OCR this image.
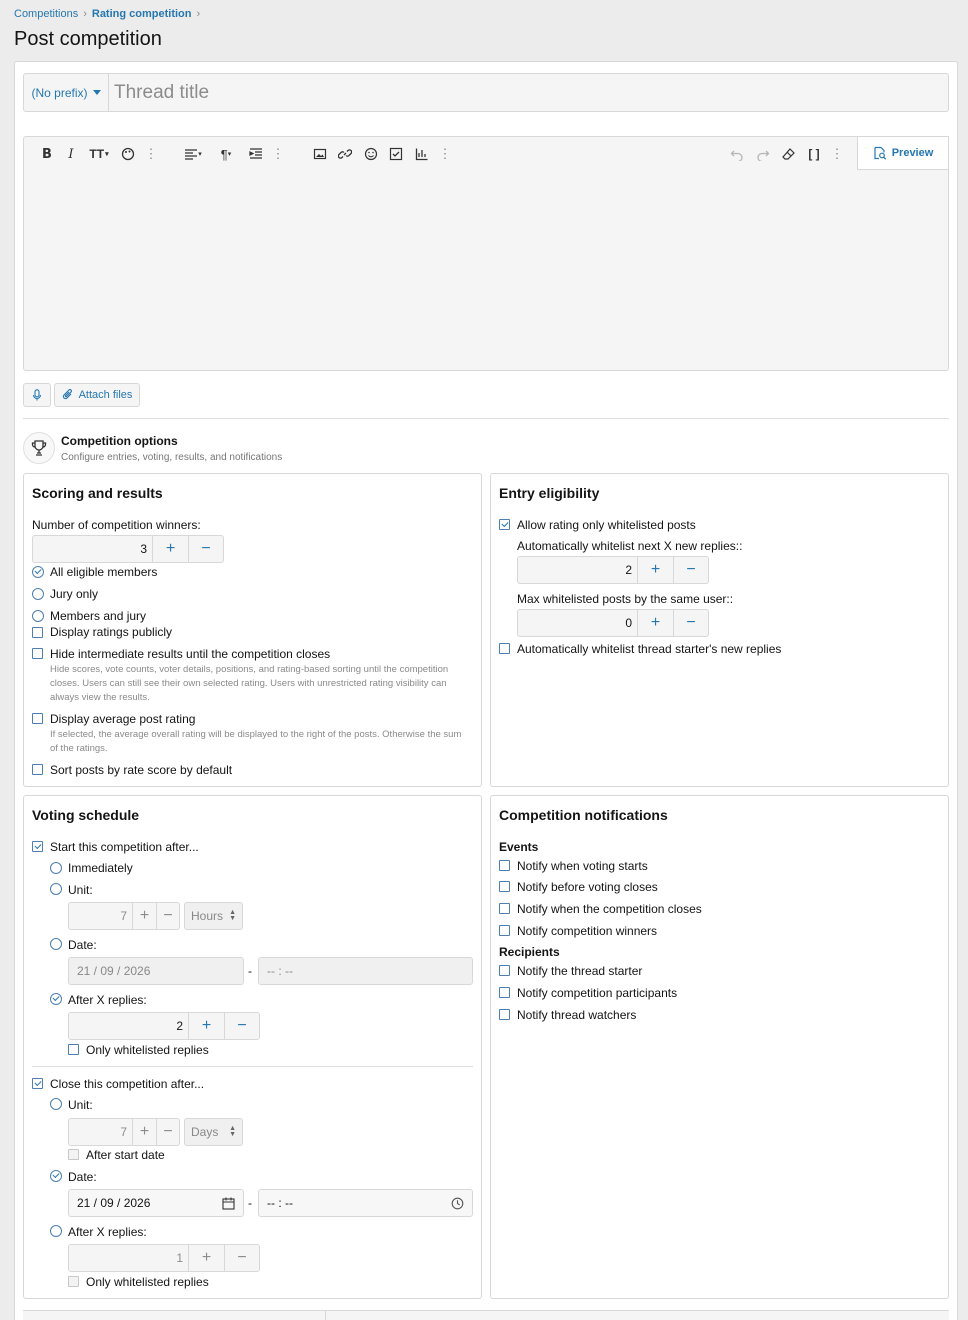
Competitions › Rating competition ›
Post competition
(No prefix)
Thread title
B	I	TT ▾	⋮	▾	¶ ▾	⋮	⋮	[ ] ⋮	Preview
Attach files
Competition options
Configure entries, voting, results, and notifications
Scoring and results
Number of competition winners:
3	+	−
All eligible members
Jury only
Members and jury
Display ratings publicly
Hide intermediate results until the competition closes
Hide scores, vote counts, voter details, positions, and rating-based sorting until the competition closes. Users can still see their own selected rating. Users with unrestricted rating visibility can always view the results.
Display average post rating
If selected, the average overall rating will be displayed to the right of the posts. Otherwise the sum of the ratings.
Sort posts by rate score by default
Entry eligibility
Allow rating only whitelisted posts
Automatically whitelist next X new replies::
2	+	−
Max whitelisted posts by the same user::
0	+	−
Automatically whitelist thread starter's new replies
Voting schedule
Start this competition after...
Immediately
Unit:
7 + −	Hours ▲
▼
Date:
21 / 09 / 2026	- -- : --
After X replies:
2	+	−
Only whitelisted replies
Close this competition after...
Unit:
7 + −	Days ▲
▼
After start date
Date:
21 / 09 / 2026	- -- : --
After X replies:
1	+	−
Only whitelisted replies
Competition notifications
Events
Notify when voting starts
Notify before voting closes
Notify when the competition closes
Notify competition winners
Recipients
Notify the thread starter
Notify competition participants
Notify thread watchers
